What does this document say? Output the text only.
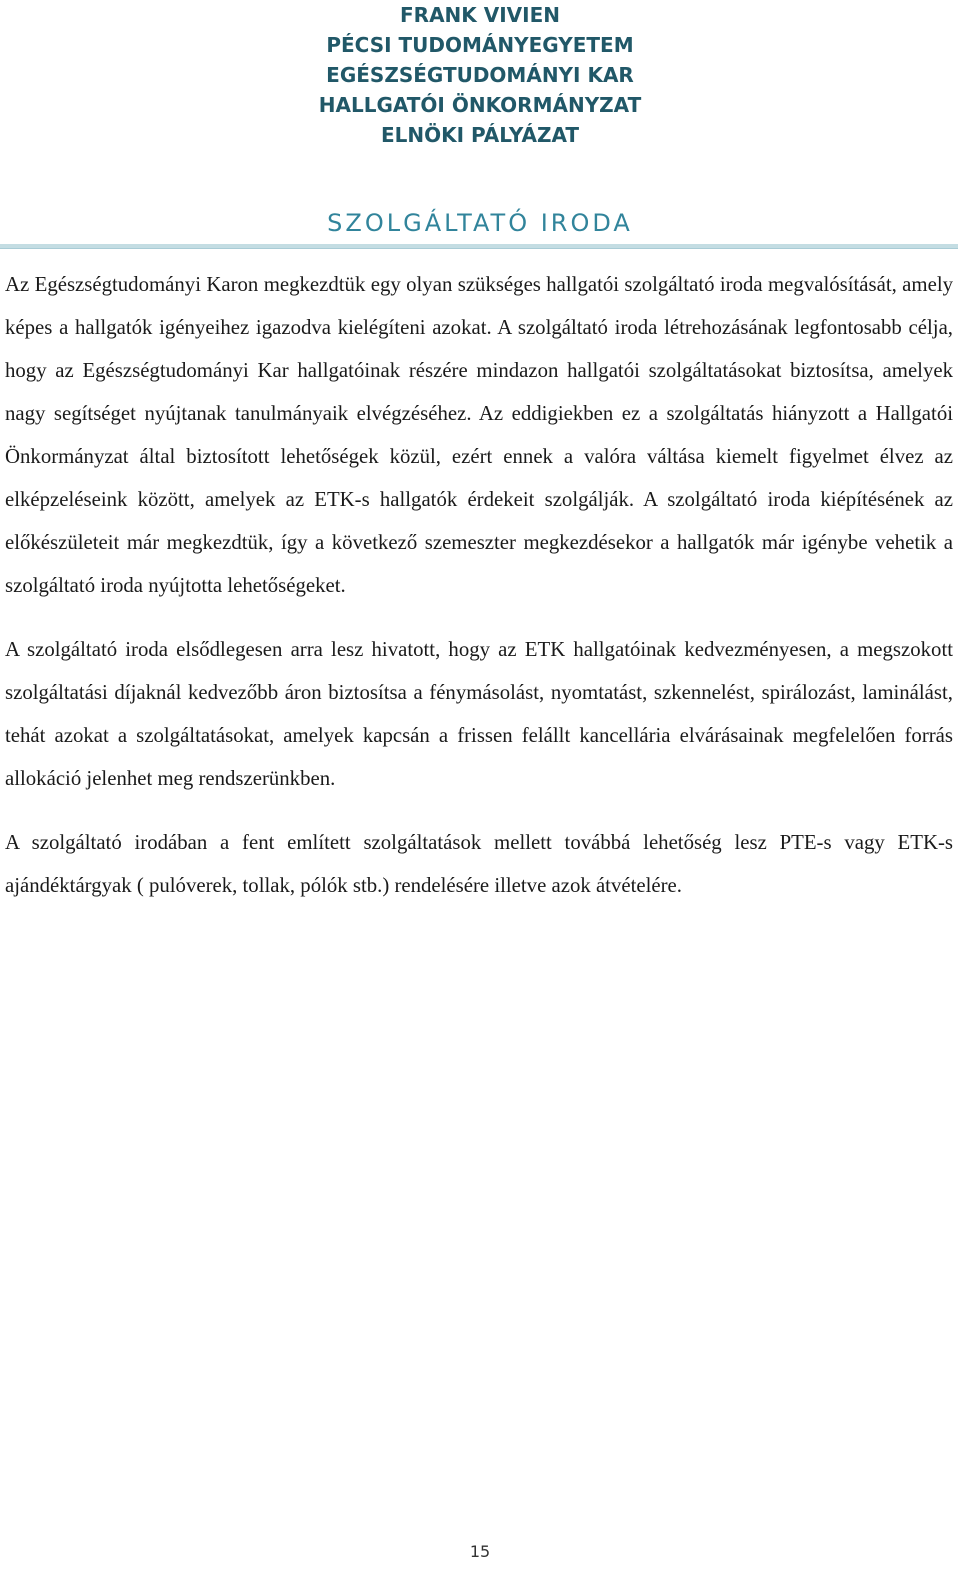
FRANK VIVIEN
PÉCSI TUDOMÁNYEGYETEM
EGÉSZSÉGTUDOMÁNYI KAR
HALLGATÓI ÖNKORMÁNYZAT
ELNÖKI PÁLYÁZAT
SZOLGÁLTATÓ IRODA

Az Egészségtudományi Karon megkezdtük egy olyan szükséges hallgatói szolgáltató iroda megvalósítását, amely képes a hallgatók igényeihez igazodva kielégíteni azokat. A szolgáltató iroda létrehozásának legfontosabb célja, hogy az Egészségtudományi Kar hallgatóinak részére mindazon hallgatói szolgáltatásokat biztosítsa, amelyek nagy segítséget nyújtanak tanulmányaik elvégzéséhez. Az eddigiekben ez a szolgáltatás hiányzott a Hallgatói Önkormányzat által biztosított lehetőségek közül, ezért ennek a valóra váltása kiemelt figyelmet élvez az elképzeléseink között, amelyek az ETK-s hallgatók érdekeit szolgálják. A szolgáltató iroda kiépítésének az előkészületeit már megkezdtük, így a következő szemeszter megkezdésekor a hallgatók már igénybe vehetik a szolgáltató iroda nyújtotta lehetőségeket.

A szolgáltató iroda elsődlegesen arra lesz hivatott, hogy az ETK hallgatóinak kedvezményesen, a megszokott szolgáltatási díjaknál kedvezőbb áron biztosítsa a fénymásolást, nyomtatást, szkennelést, spirálozást, laminálást, tehát azokat a szolgáltatásokat, amelyek kapcsán a frissen felállt kancellária elvárásainak megfelelően forrás allokáció jelenhet meg rendszerünkben.

A szolgáltató irodában a fent említett szolgáltatások mellett továbbá lehetőség lesz PTE-s vagy ETK-s ajándéktárgyak ( pulóverek, tollak, pólók stb.) rendelésére illetve azok átvételére.

15
